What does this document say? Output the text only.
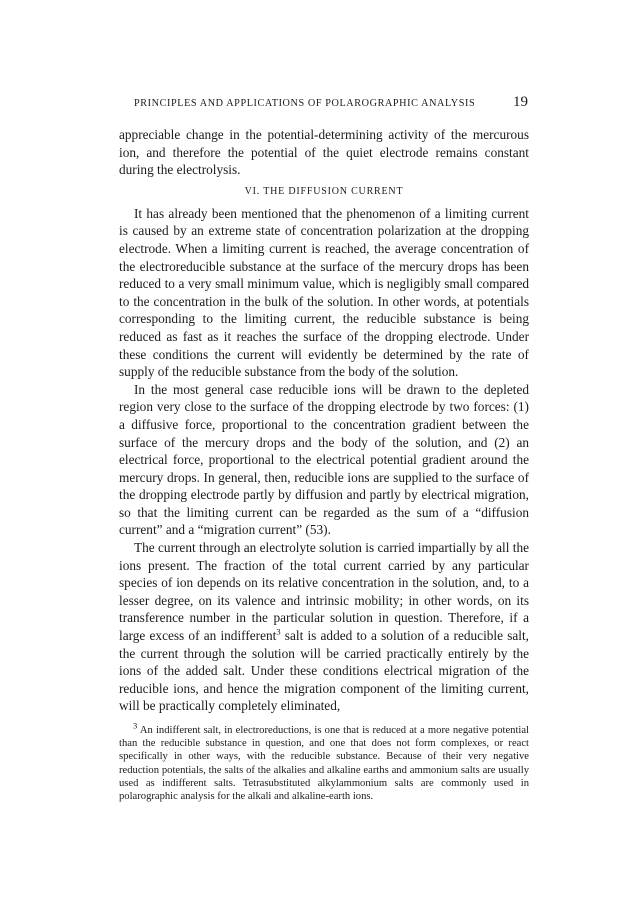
PRINCIPLES AND APPLICATIONS OF POLAROGRAPHIC ANALYSIS	19

appreciable change in the potential-determining activity of the mercurous ion, and therefore the potential of the quiet electrode remains constant during the electrolysis.

VI. THE DIFFUSION CURRENT

It has already been mentioned that the phenomenon of a limiting current is caused by an extreme state of concentration polarization at the dropping electrode. When a limiting current is reached, the average concentration of the electroreducible substance at the surface of the mercury drops has been reduced to a very small minimum value, which is negligibly small compared to the concentration in the bulk of the solution. In other words, at potentials corresponding to the limiting current, the reducible substance is being reduced as fast as it reaches the surface of the dropping electrode. Under these conditions the current will evidently be determined by the rate of supply of the reducible substance from the body of the solution.

In the most general case reducible ions will be drawn to the depleted region very close to the surface of the dropping electrode by two forces: (1) a diffusive force, proportional to the concentration gradient between the surface of the mercury drops and the body of the solution, and (2) an electrical force, proportional to the electrical potential gradient around the mercury drops. In general, then, reducible ions are supplied to the surface of the dropping electrode partly by diffusion and partly by electrical migration, so that the limiting current can be regarded as the sum of a “diffusion current” and a “migration current” (53).

The current through an electrolyte solution is carried impartially by all the ions present. The fraction of the total current carried by any particular species of ion depends on its relative concentration in the solution, and, to a lesser degree, on its valence and intrinsic mobility; in other words, on its transference number in the particular solution in question. Therefore, if a large excess of an indifferent$^3$ salt is added to a solution of a reducible salt, the current through the solution will be carried practically entirely by the ions of the added salt. Under these conditions electrical migration of the reducible ions, and hence the migration component of the limiting current, will be practically completely eliminated,

$^3$ An indifferent salt, in electroreductions, is one that is reduced at a more negative potential than the reducible substance in question, and one that does not form complexes, or react specifically in other ways, with the reducible substance. Because of their very negative reduction potentials, the salts of the alkalies and alkaline earths and ammonium salts are usually used as indifferent salts. Tetrasubstituted alkylammonium salts are commonly used in polarographic analysis for the alkali and alkaline-earth ions.
